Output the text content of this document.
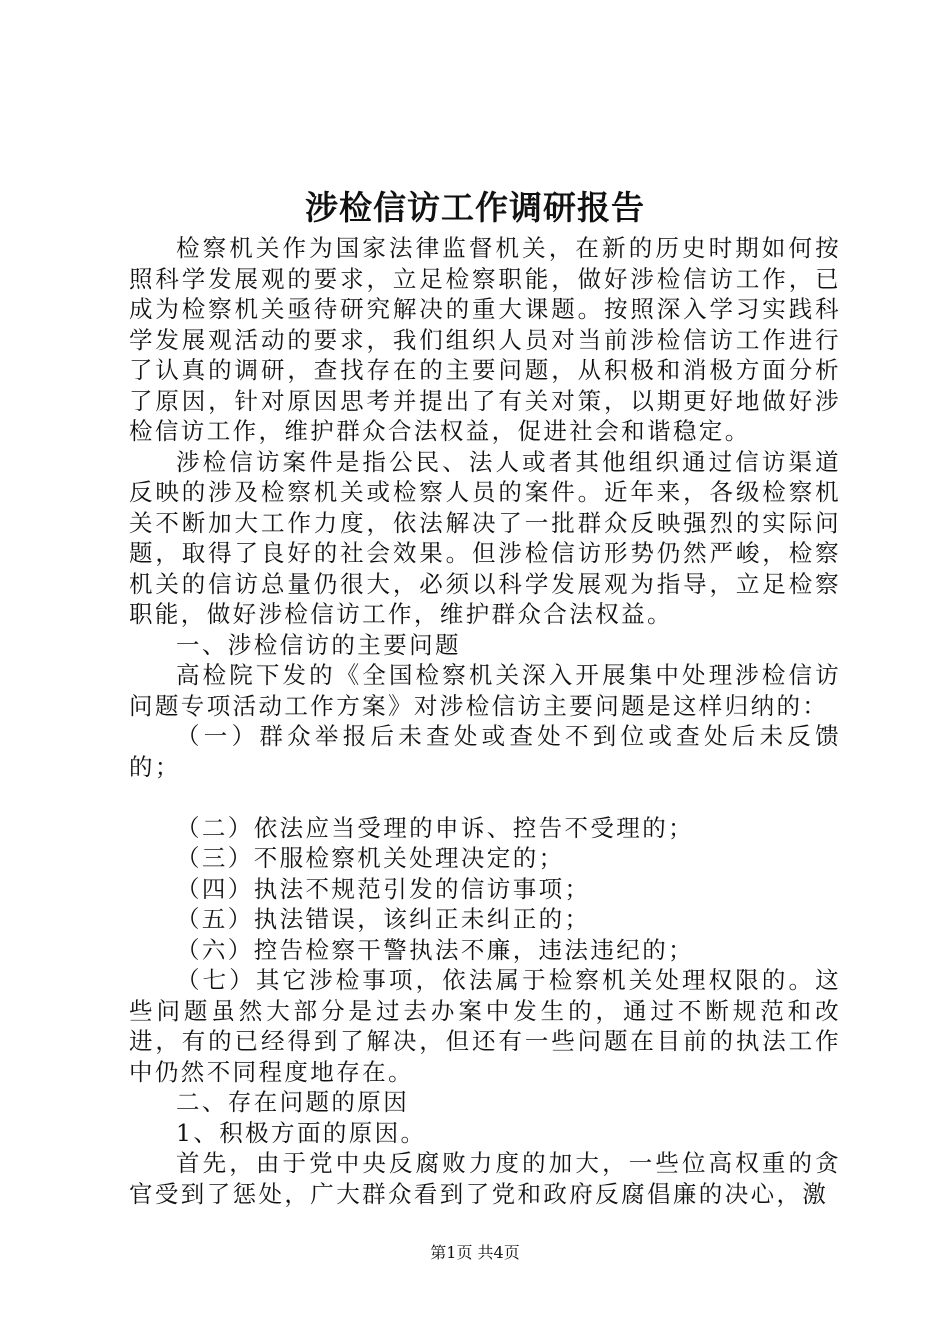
涉检信访工作调研报告

检察机关作为国家法律监督机关，在新的历史时期如何按照科学发展观的要求，立足检察职能，做好涉检信访工作，已成为检察机关亟待研究解决的重大课题。按照深入学习实践科学发展观活动的要求，我们组织人员对当前涉检信访工作进行了认真的调研，查找存在的主要问题，从积极和消极方面分析了原因，针对原因思考并提出了有关对策，以期更好地做好涉检信访工作，维护群众合法权益，促进社会和谐稳定。

涉检信访案件是指公民、法人或者其他组织通过信访渠道反映的涉及检察机关或检察人员的案件。近年来，各级检察机关不断加大工作力度，依法解决了一批群众反映强烈的实际问题，取得了良好的社会效果。但涉检信访形势仍然严峻，检察机关的信访总量仍很大，必须以科学发展观为指导，立足检察职能，做好涉检信访工作，维护群众合法权益。

一、涉检信访的主要问题

高检院下发的《全国检察机关深入开展集中处理涉检信访问题专项活动工作方案》对涉检信访主要问题是这样归纳的：

（一）群众举报后未查处或查处不到位或查处后未反馈的；

（二）依法应当受理的申诉、控告不受理的；

（三）不服检察机关处理决定的；

（四）执法不规范引发的信访事项；

（五）执法错误，该纠正未纠正的；

（六）控告检察干警执法不廉，违法违纪的；

（七）其它涉检事项，依法属于检察机关处理权限的。这些问题虽然大部分是过去办案中发生的，通过不断规范和改进，有的已经得到了解决，但还有一些问题在目前的执法工作中仍然不同程度地存在。

二、存在问题的原因

1、积极方面的原因。

首先，由于党中央反腐败力度的加大，一些位高权重的贪官受到了惩处，广大群众看到了党和政府反腐倡廉的决心，激

第1页 共4页
